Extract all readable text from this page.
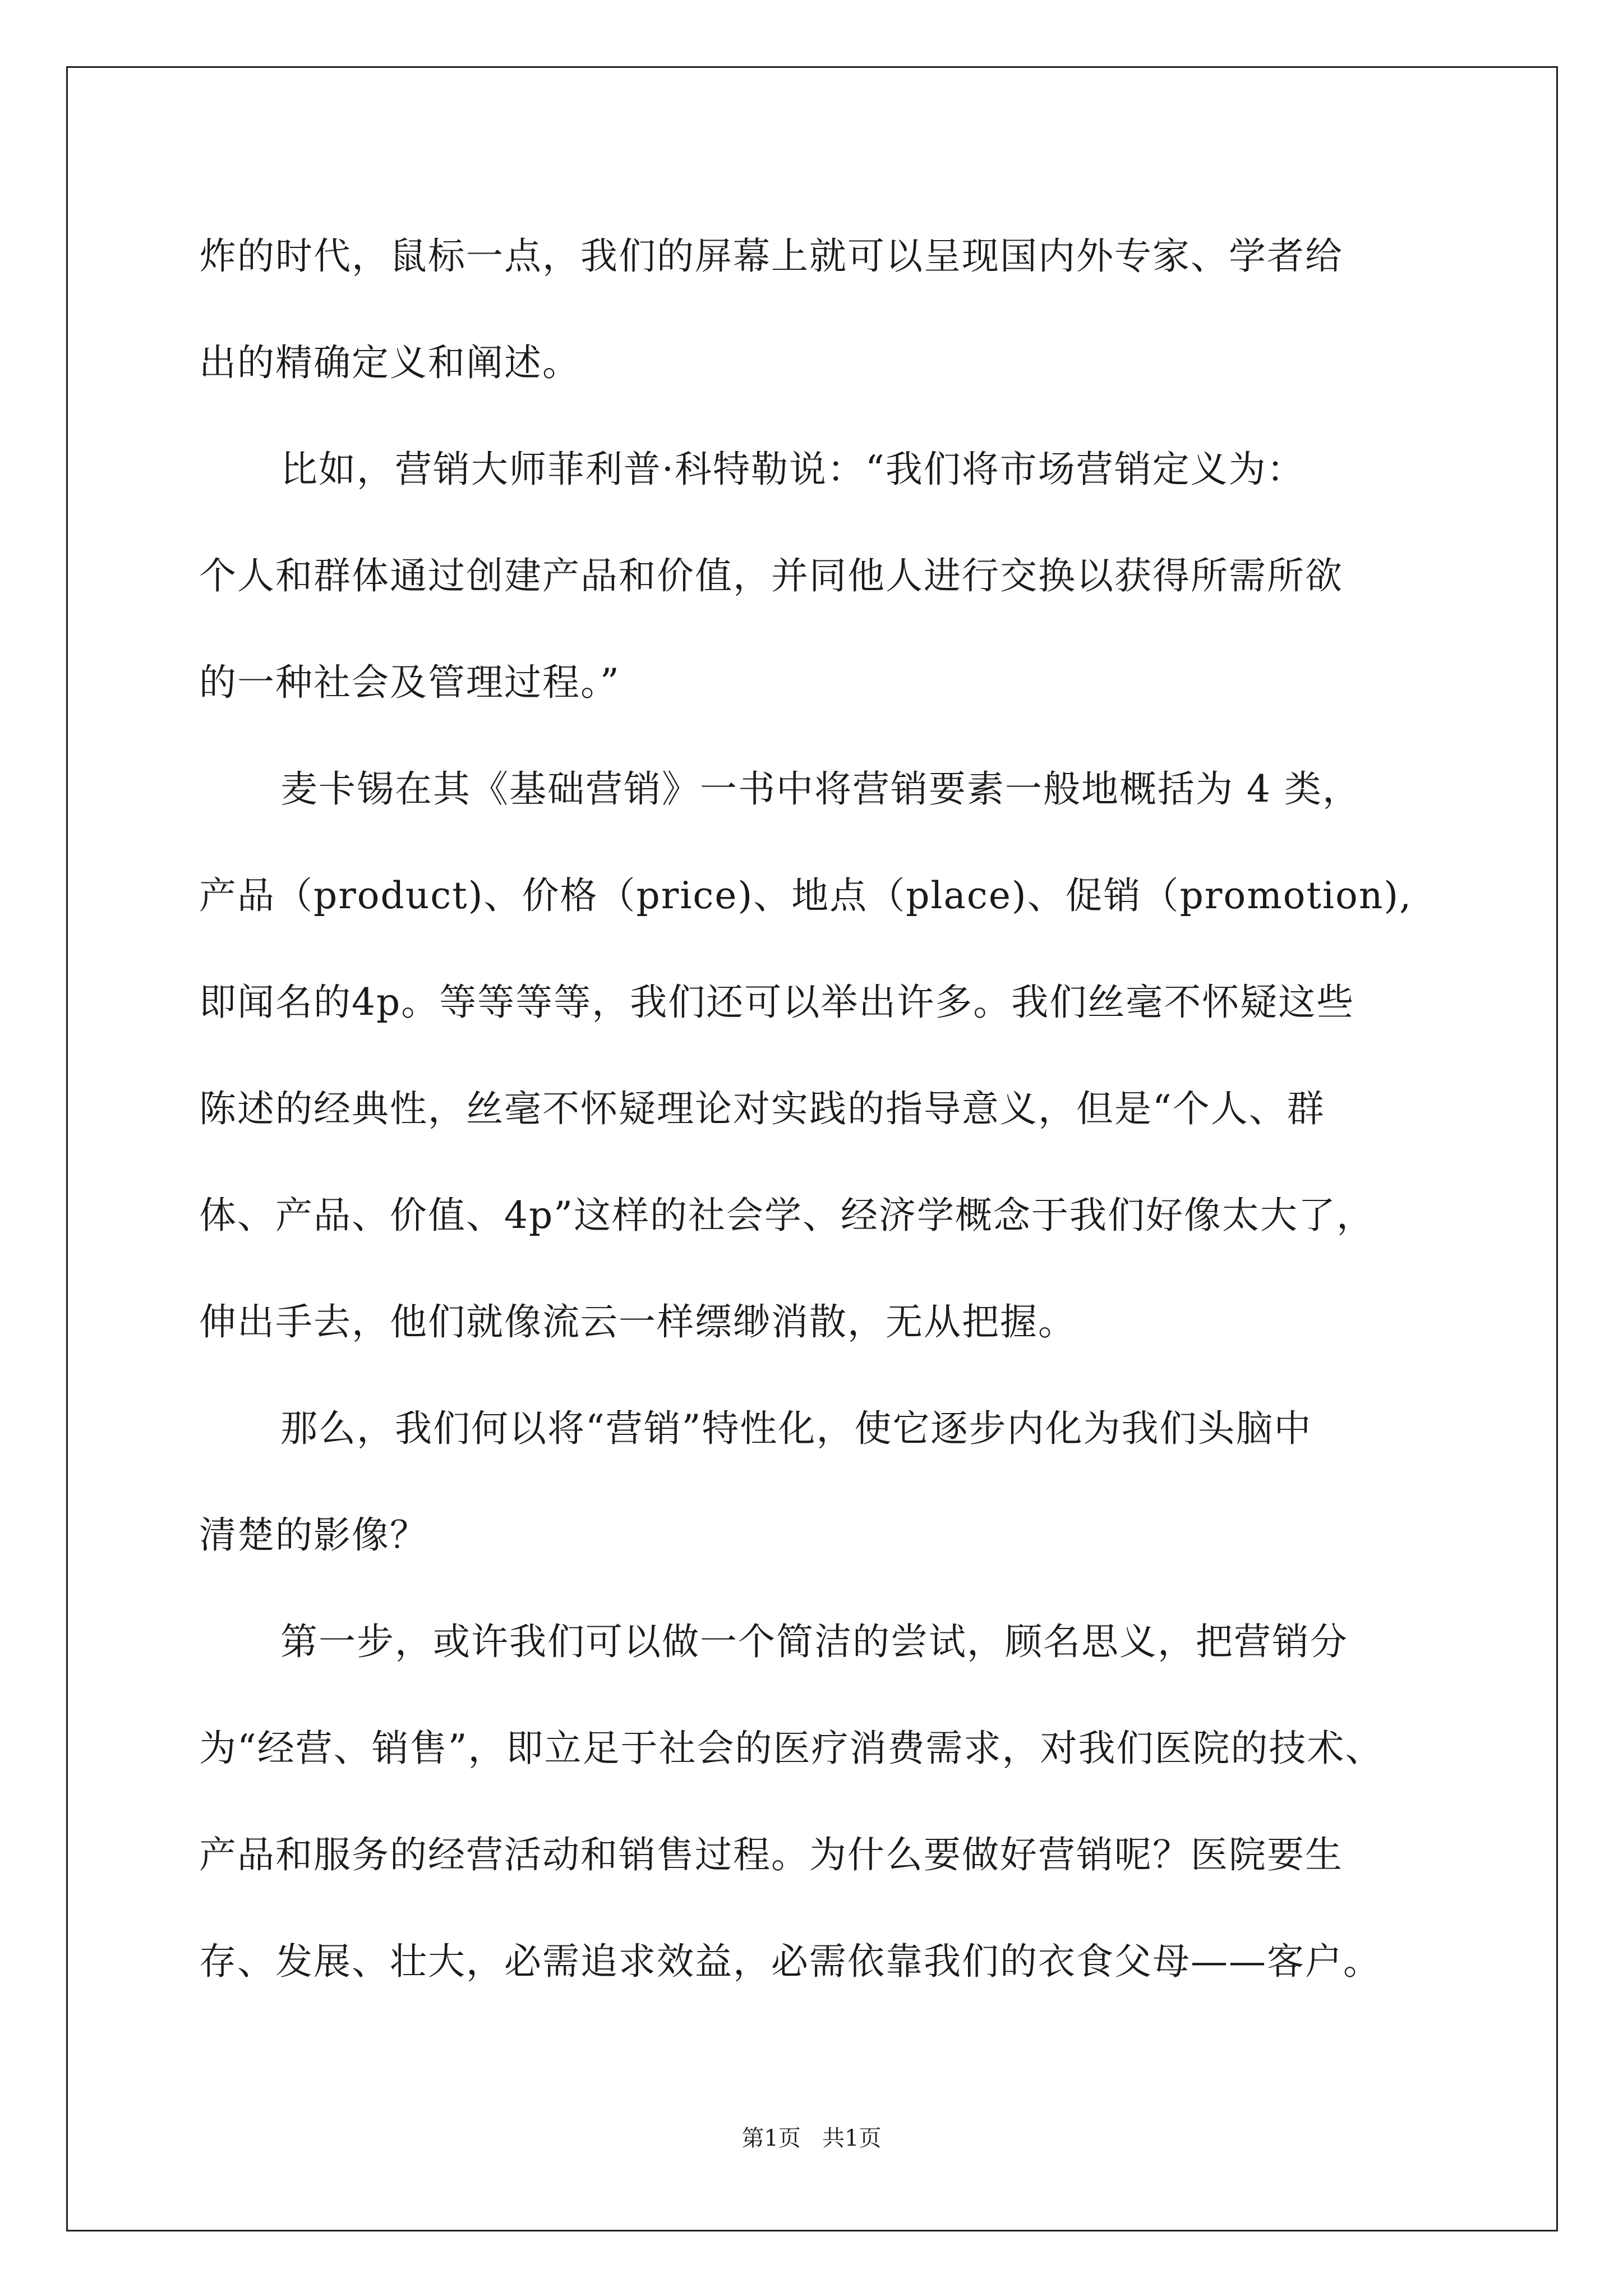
炸的时代，鼠标一点，我们的屏幕上就可以呈现国内外专家、学者给
出的精确定义和阐述。
比如，营销大师菲利普·科特勒说：“我们将市场营销定义为：
个人和群体通过创建产品和价值，并同他人进行交换以获得所需所欲
的一种社会及管理过程。”
麦卡锡在其《基础营销》一书中将营销要素一般地概括为 4 类，
产品（product)、价格（price)、地点（place)、促销（promotion),
即闻名的4p。等等等等，我们还可以举出许多。我们丝毫不怀疑这些
陈述的经典性，丝毫不怀疑理论对实践的指导意义，但是“个人、群
体、产品、价值、4p”这样的社会学、经济学概念于我们好像太大了，
伸出手去，他们就像流云一样缥缈消散，无从把握。
那么，我们何以将“营销”特性化，使它逐步内化为我们头脑中
清楚的影像？
第一步，或许我们可以做一个简洁的尝试，顾名思义，把营销分
为“经营、销售”，即立足于社会的医疗消费需求，对我们医院的技术、
产品和服务的经营活动和销售过程。为什么要做好营销呢？医院要生
存、发展、壮大，必需追求效益，必需依靠我们的衣食父母——客户。
第1页   共1页
